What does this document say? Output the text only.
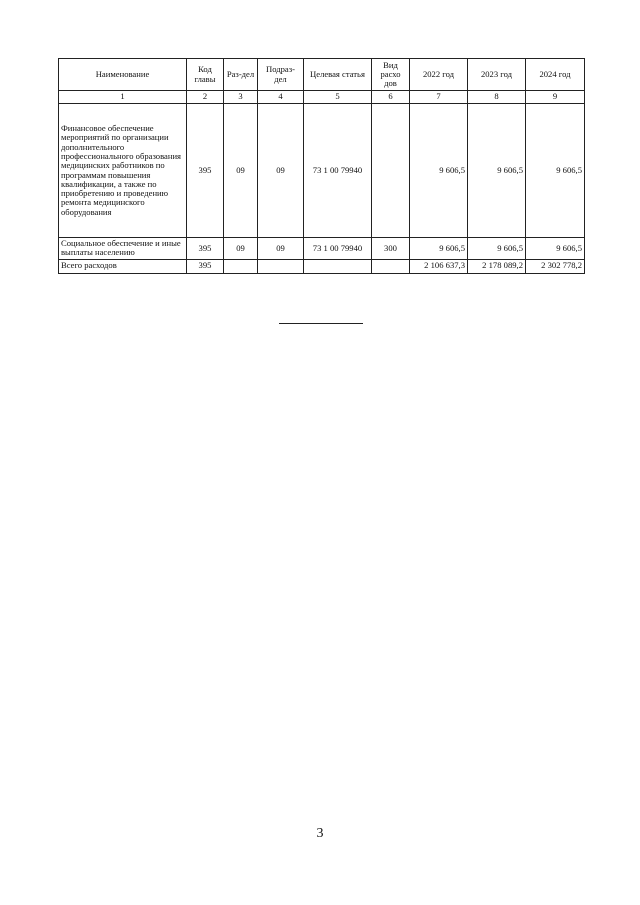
Наименование	Код главы	Раз-дел	Подраз-дел	Целевая статья	Вид расхо дов	2022 год	2023 год	2024 год
1	2	3	4	5	6	7	8	9
Финансовое обеспечение мероприятий по организации дополнительного профессионального образования медицинских работников по программам повышения квалификации, а также по приобретению и проведению ремонта медицинского оборудования	395	09	09	73 1 00 79940		9 606,5	9 606,5	9 606,5
Социальное обеспечение и иные выплаты населению	395	09	09	73 1 00 79940	300	9 606,5	9 606,5	9 606,5
Всего расходов	395					2 106 637,3	2 178 089,2	2 302 778,2
3
